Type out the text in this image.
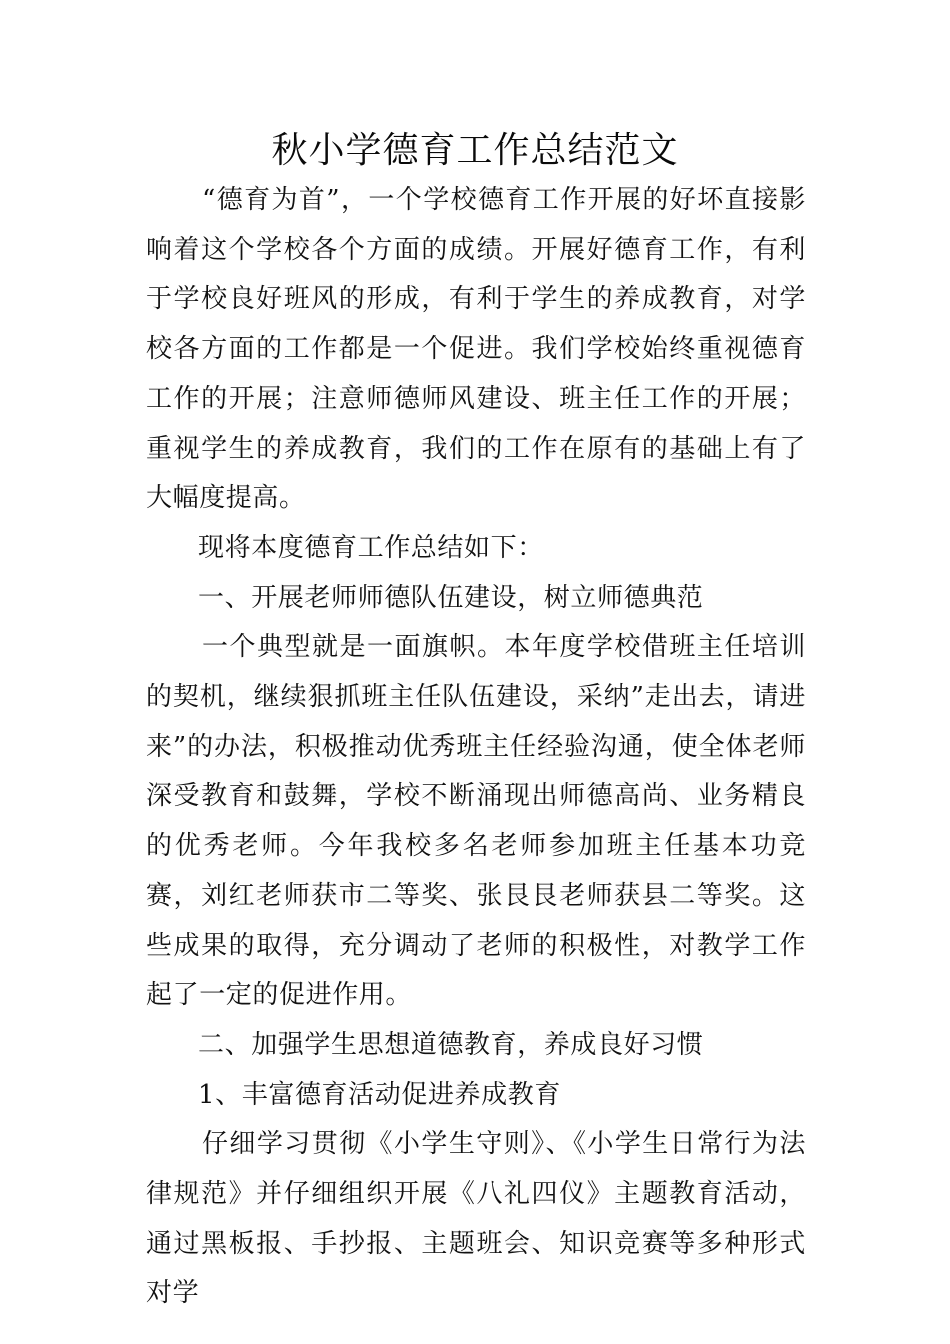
秋小学德育工作总结范文

“德育为首”，一个学校德育工作开展的好坏直接影响着这个学校各个方面的成绩。开展好德育工作，有利于学校良好班风的形成，有利于学生的养成教育，对学校各方面的工作都是一个促进。我们学校始终重视德育工作的开展；注意师德师风建设、班主任工作的开展；重视学生的养成教育，我们的工作在原有的基础上有了大幅度提高。

现将本度德育工作总结如下：

一、开展老师师德队伍建设，树立师德典范

一个典型就是一面旗帜。本年度学校借班主任培训的契机，继续狠抓班主任队伍建设，采纳”走出去，请进来”的办法，积极推动优秀班主任经验沟通，使全体老师深受教育和鼓舞，学校不断涌现出师德高尚、业务精良的优秀老师。今年我校多名老师参加班主任基本功竞赛，刘红老师获市二等奖、张艮艮老师获县二等奖。这些成果的取得，充分调动了老师的积极性，对教学工作起了一定的促进作用。

二、加强学生思想道德教育，养成良好习惯

1、丰富德育活动促进养成教育

仔细学习贯彻《小学生守则》、《小学生日常行为法律规范》并仔细组织开展《八礼四仪》主题教育活动，通过黑板报、手抄报、主题班会、知识竞赛等多种形式对学
